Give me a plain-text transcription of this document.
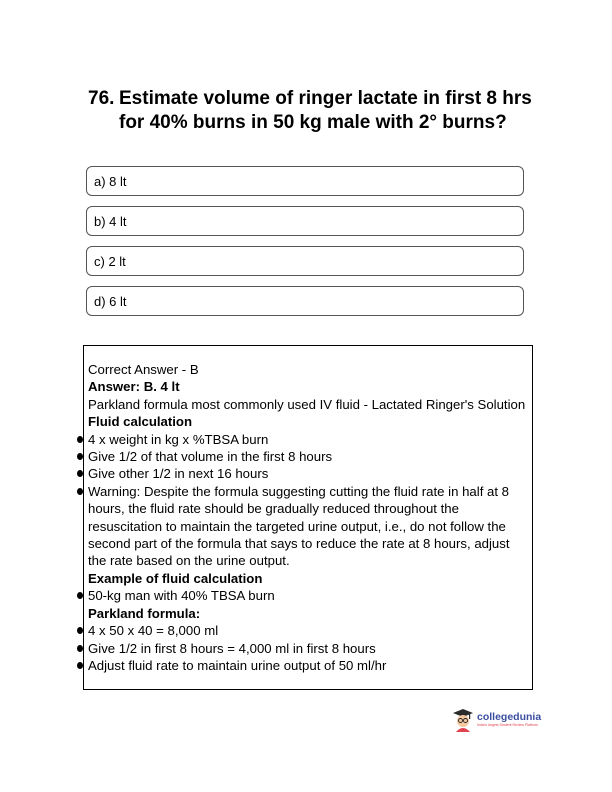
76. Estimate volume of ringer lactate in first 8 hrs for 40% burns in 50 kg male with 2° burns?
a) 8 lt
b) 4 lt
c) 2 lt
d) 6 lt
Correct Answer - B
Answer: B. 4 lt
Parkland formula most commonly used IV fluid - Lactated Ringer's Solution
Fluid calculation
4 x weight in kg x %TBSA burn
Give 1/2 of that volume in the first 8 hours
Give other 1/2 in next 16 hours
Warning: Despite the formula suggesting cutting the fluid rate in half at 8 hours, the fluid rate should be gradually reduced throughout the resuscitation to maintain the targeted urine output, i.e., do not follow the second part of the formula that says to reduce the rate at 8 hours, adjust the rate based on the urine output.
Example of fluid calculation
50-kg man with 40% TBSA burn
Parkland formula:
4 x 50 x 40 = 8,000 ml
Give 1/2 in first 8 hours = 4,000 ml in first 8 hours
Adjust fluid rate to maintain urine output of 50 ml/hr
collegedunia
India's largest Student Review Platform
